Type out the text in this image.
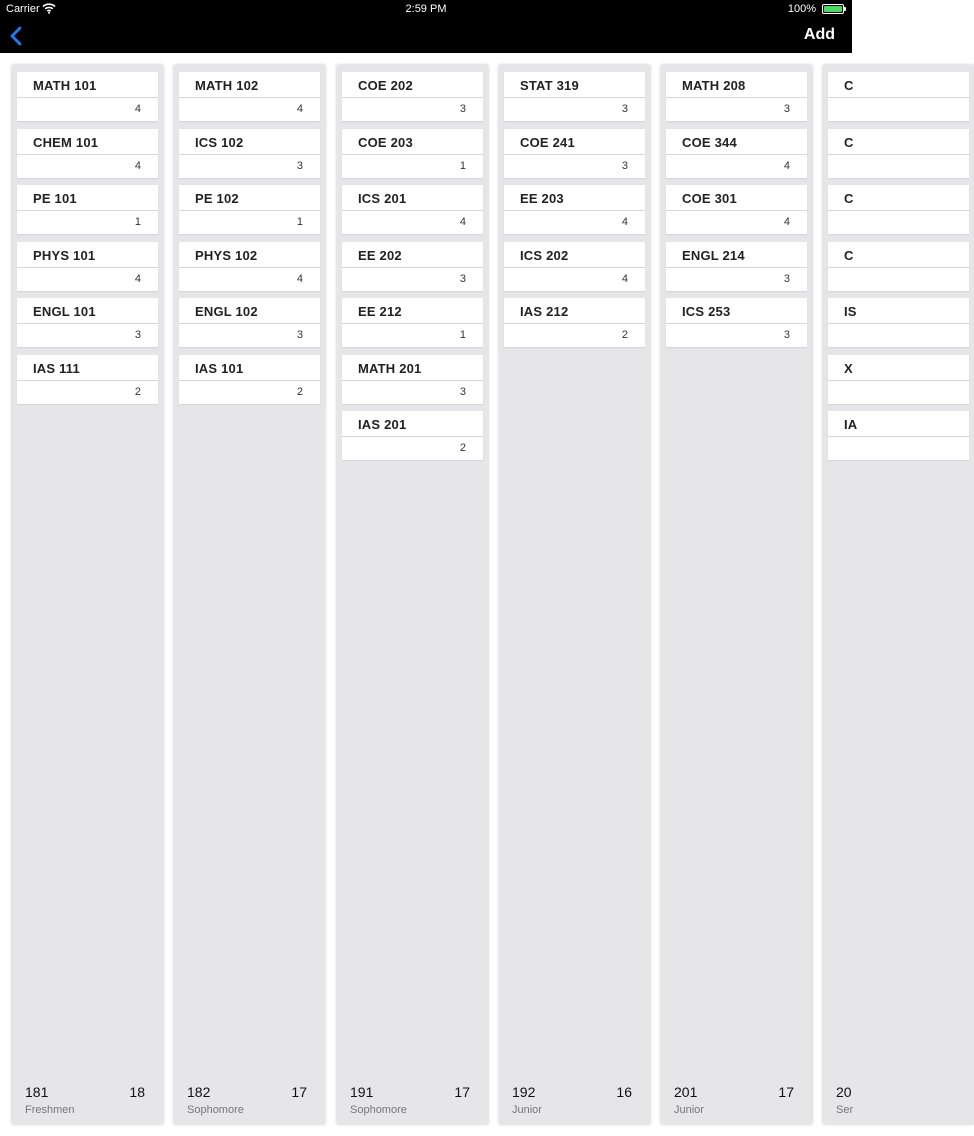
Carrier	2:59 PM	100%
Add
MATH 101
4
CHEM 101
4
PE 101
1
PHYS 101
4
ENGL 101
3
IAS 111
2
181	18
Freshmen
MATH 102
4
ICS 102
3
PE 102
1
PHYS 102
4
ENGL 102
3
IAS 101
2
182	17
Sophomore
COE 202
3
COE 203
1
ICS 201
4
EE 202
3
EE 212
1
MATH 201
3
IAS 201
2
191	17
Sophomore
STAT 319
3
COE 241
3
EE 203
4
ICS 202
4
IAS 212
2
192	16
Junior
MATH 208
3
COE 344
4
COE 301
4
ENGL 214
3
ICS 253
3
201	17
Junior
C
C
C
C
IS
X
IA
20
Ser
